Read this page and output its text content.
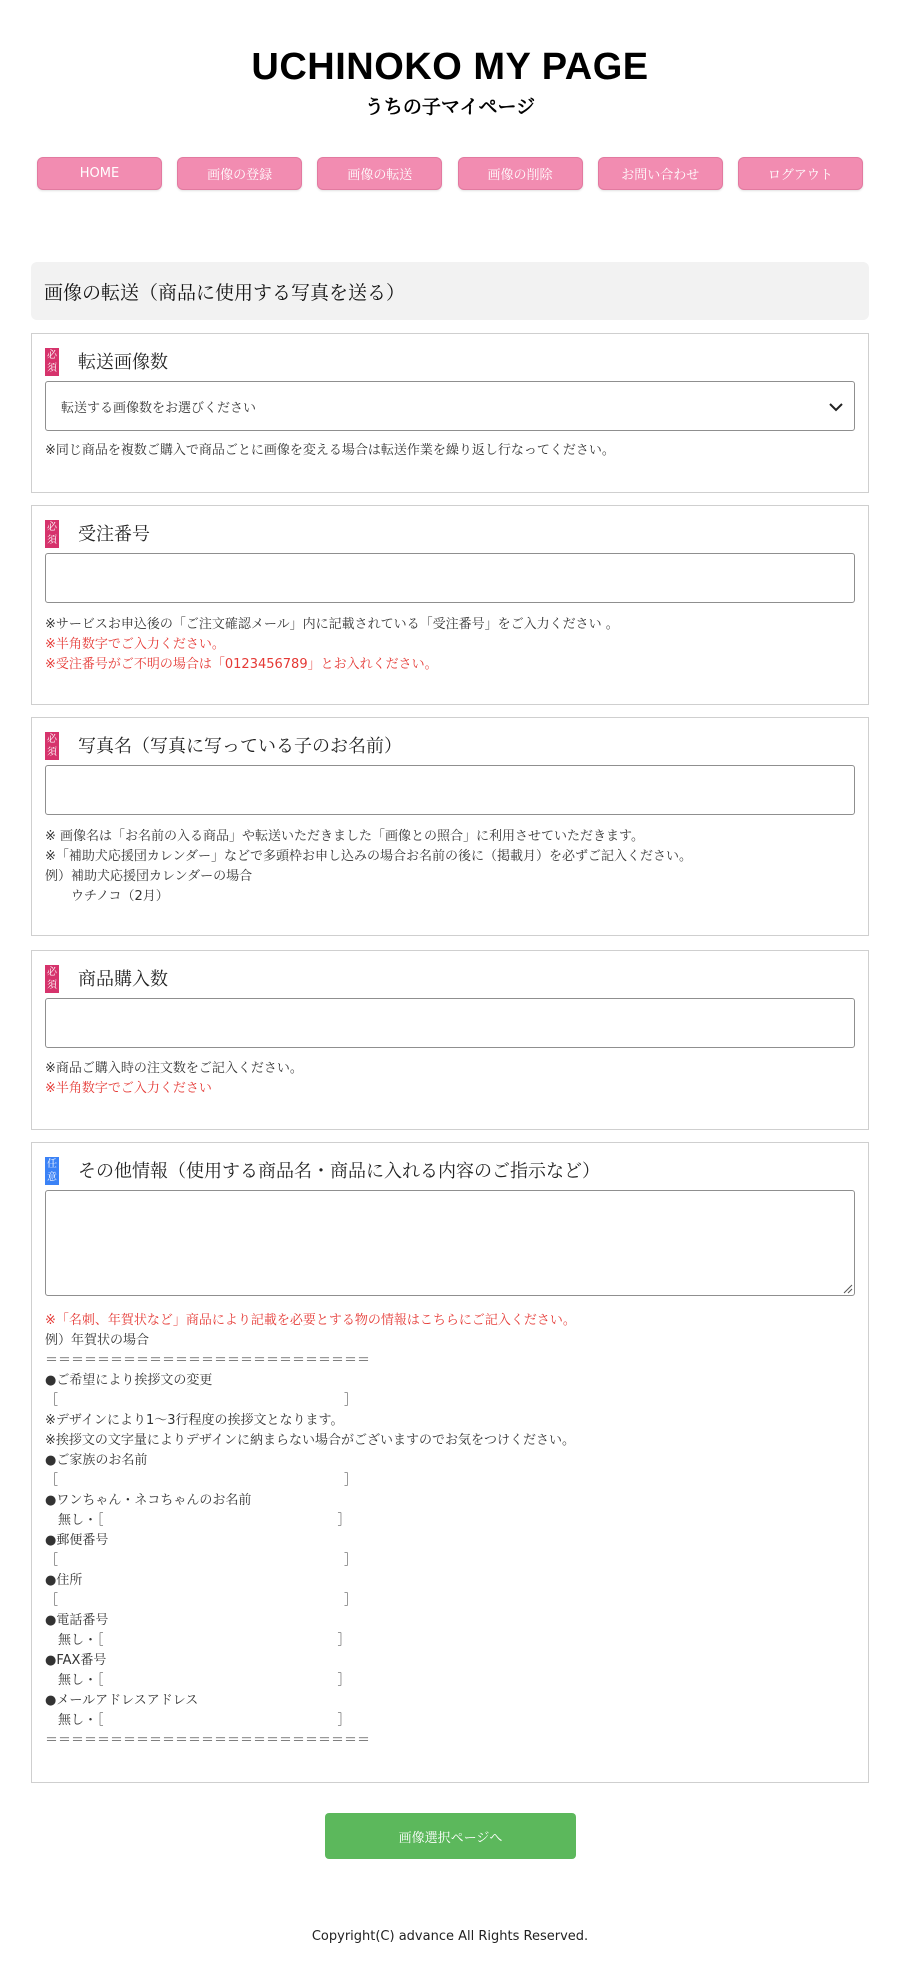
UCHINOKO MY PAGE
うちの子マイページ
HOME	画像の登録	画像の転送	画像の削除	お問い合わせ	ログアウト
画像の転送（商品に使用する写真を送る）
必須 転送画像数
転送する画像数をお選びください
※同じ商品を複数ご購入で商品ごとに画像を変える場合は転送作業を繰り返し行なってください。
必須 受注番号
※サービスお申込後の「ご注文確認メール」内に記載されている「受注番号」をご入力ください 。
※半角数字でご入力ください。
※受注番号がご不明の場合は「0123456789」とお入れください。
必須 写真名（写真に写っている子のお名前）
※ 画像名は「お名前の入る商品」や転送いただきました「画像との照合」に利用させていただきます。
※「補助犬応援団カレンダー」などで多頭枠お申し込みの場合お名前の後に（掲載月）を必ずご記入ください。
例）補助犬応援団カレンダーの場合
　　ウチノコ（2月）
必須 商品購入数
※商品ご購入時の注文数をご記入ください。
※半角数字でご入力ください
任意 その他情報（使用する商品名・商品に入れる内容のご指示など）
※「名刺、年賀状など」商品により記載を必要とする物の情報はこちらにご記入ください。
例）年賀状の場合
＝＝＝＝＝＝＝＝＝＝＝＝＝＝＝＝＝＝＝＝＝＝＝＝＝
●ご希望により挨拶文の変更
［　　　　　　　　　　　　　　　　　　　　　　］
※デザインにより1～3行程度の挨拶文となります。
※挨拶文の文字量によりデザインに納まらない場合がございますのでお気をつけください。
●ご家族のお名前
［　　　　　　　　　　　　　　　　　　　　　　］
●ワンちゃん・ネコちゃんのお名前
　無し・［　　　　　　　　　　　　　　　　　　］
●郵便番号
［　　　　　　　　　　　　　　　　　　　　　　］
●住所
［　　　　　　　　　　　　　　　　　　　　　　］
●電話番号
　無し・［　　　　　　　　　　　　　　　　　　］
●FAX番号
　無し・［　　　　　　　　　　　　　　　　　　］
●メールアドレスアドレス
　無し・［　　　　　　　　　　　　　　　　　　］
＝＝＝＝＝＝＝＝＝＝＝＝＝＝＝＝＝＝＝＝＝＝＝＝＝
画像選択ページへ
Copyright(C) advance All Rights Reserved.
